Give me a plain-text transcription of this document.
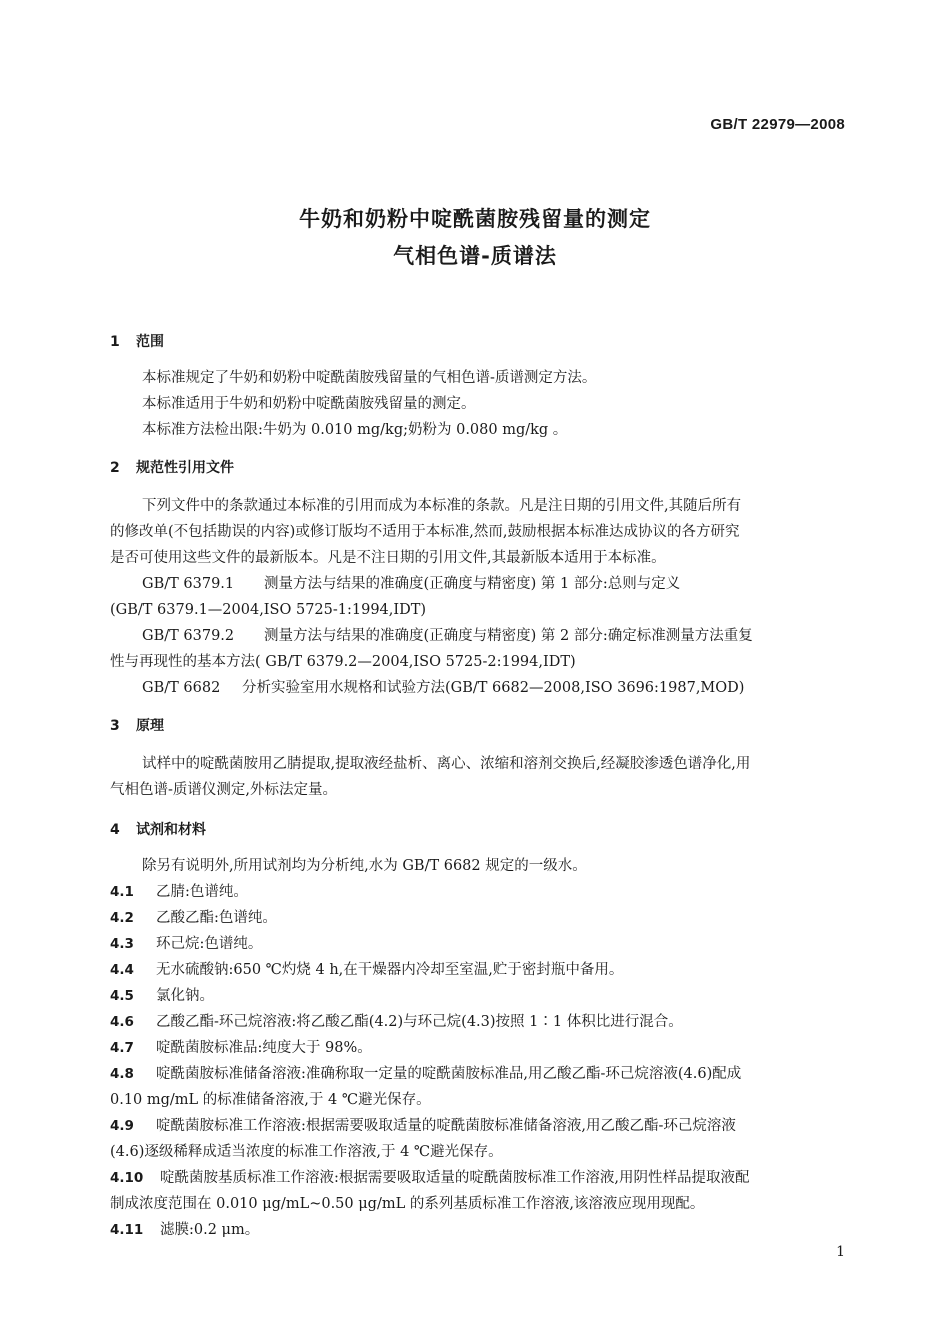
GB/T 22979—2008
牛奶和奶粉中啶酰菌胺残留量的测定
气相色谱-质谱法
1 范围
本标准规定了牛奶和奶粉中啶酰菌胺残留量的气相色谱-质谱测定方法。
本标准适用于牛奶和奶粉中啶酰菌胺残留量的测定。
本标准方法检出限:牛奶为 0.010 mg/kg;奶粉为 0.080 mg/kg 。
2 规范性引用文件
下列文件中的条款通过本标准的引用而成为本标准的条款。凡是注日期的引用文件,其随后所有
的修改单(不包括勘误的内容)或修订版均不适用于本标准,然而,鼓励根据本标准达成协议的各方研究
是否可使用这些文件的最新版本。凡是不注日期的引用文件,其最新版本适用于本标准。
GB/T 6379.1 测量方法与结果的准确度(正确度与精密度) 第 1 部分:总则与定义
(GB/T 6379.1—2004,ISO 5725-1:1994,IDT)
GB/T 6379.2 测量方法与结果的准确度(正确度与精密度) 第 2 部分:确定标准测量方法重复
性与再现性的基本方法( GB/T 6379.2—2004,ISO 5725-2:1994,IDT)
GB/T 6682 分析实验室用水规格和试验方法(GB/T 6682—2008,ISO 3696:1987,MOD)
3 原理
试样中的啶酰菌胺用乙腈提取,提取液经盐析、离心、浓缩和溶剂交换后,经凝胶渗透色谱净化,用
气相色谱-质谱仪测定,外标法定量。
4 试剂和材料
除另有说明外,所用试剂均为分析纯,水为 GB/T 6682 规定的一级水。
4.1 乙腈:色谱纯。
4.2 乙酸乙酯:色谱纯。
4.3 环己烷:色谱纯。
4.4 无水硫酸钠:650 ℃灼烧 4 h,在干燥器内冷却至室温,贮于密封瓶中备用。
4.5 氯化钠。
4.6 乙酸乙酯-环己烷溶液:将乙酸乙酯(4.2)与环己烷(4.3)按照 1∶1 体积比进行混合。
4.7 啶酰菌胺标准品:纯度大于 98%。
4.8 啶酰菌胺标准储备溶液:准确称取一定量的啶酰菌胺标准品,用乙酸乙酯-环己烷溶液(4.6)配成
0.10 mg/mL 的标准储备溶液,于 4 ℃避光保存。
4.9 啶酰菌胺标准工作溶液:根据需要吸取适量的啶酰菌胺标准储备溶液,用乙酸乙酯-环己烷溶液
(4.6)逐级稀释成适当浓度的标准工作溶液,于 4 ℃避光保存。
4.10 啶酰菌胺基质标准工作溶液:根据需要吸取适量的啶酰菌胺标准工作溶液,用阴性样品提取液配
制成浓度范围在 0.010 μg/mL~0.50 μg/mL 的系列基质标准工作溶液,该溶液应现用现配。
4.11 滤膜:0.2 μm。
1
